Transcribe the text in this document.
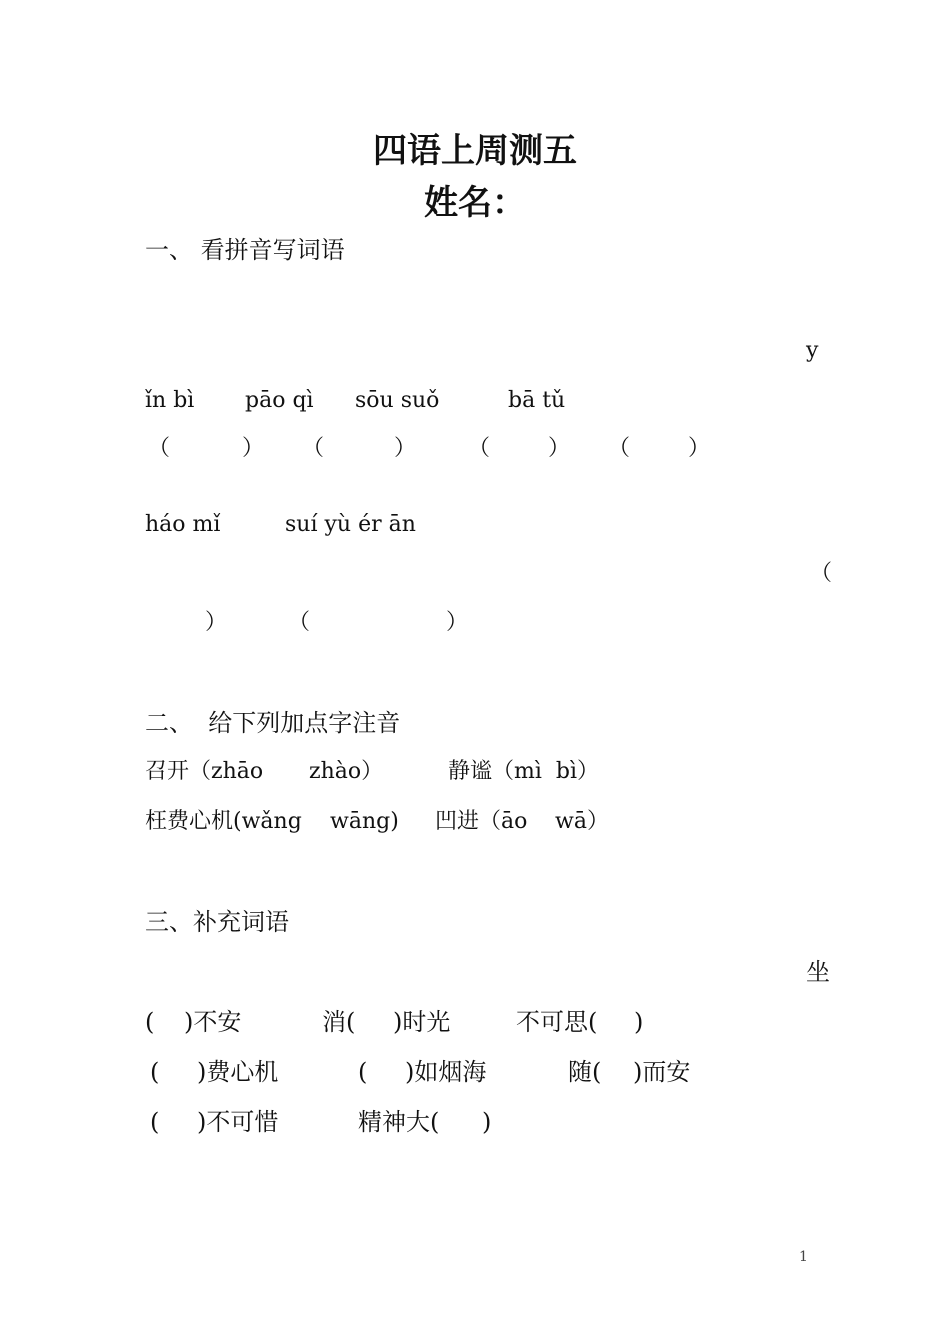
四语上周测五
姓名：
一、 看拼音写词语
y
ǐn bì pāo qì sōu suǒ	bā tǔ
（	） （	） （	） （	）
háo mǐ	suí yù ér ān
（
）	（	）
二、  给下列加点字注音
召开（zhāo zhào）	静谧（mì  bì）
枉费心机(wǎng wāng) 凹进（āo wā）
三、补充词语
坐
( )不安	消( )时光	不可思( )
( )费心机	( )如烟海	随( )而安
( )不可惜	精神大( )
1
